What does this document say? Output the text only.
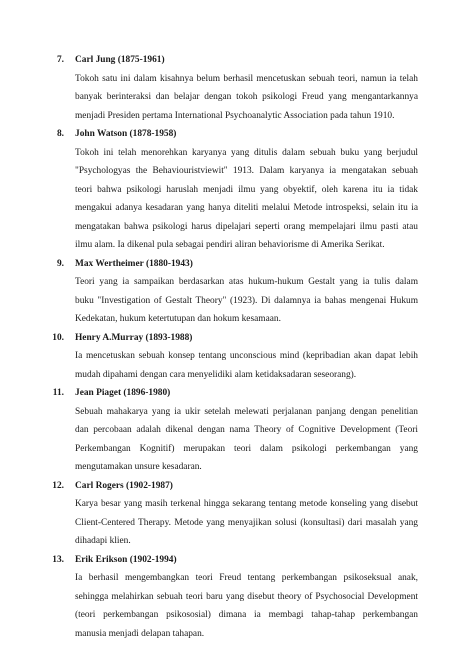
7. Carl Jung (1875-1961)
Tokoh satu ini dalam kisahnya belum berhasil mencetuskan sebuah teori, namun ia telah
banyak berinteraksi dan belajar dengan tokoh psikologi Freud yang mengantarkannya
menjadi Presiden pertama International Psychoanalytic Association pada tahun 1910.
8. John Watson (1878-1958)
Tokoh ini telah menorehkan karyanya yang ditulis dalam sebuah buku yang berjudul
"Psychologyas the Behaviouristviewit" 1913. Dalam karyanya ia mengatakan sebuah
teori bahwa psikologi haruslah menjadi ilmu yang obyektif, oleh karena itu ia tidak
mengakui adanya kesadaran yang hanya diteliti melalui Metode introspeksi, selain itu ia
mengatakan bahwa psikologi harus dipelajari seperti orang mempelajari ilmu pasti atau
ilmu alam. Ia dikenal pula sebagai pendiri aliran behaviorisme di Amerika Serikat.
9. Max Wertheimer (1880-1943)
Teori yang ia sampaikan berdasarkan atas hukum-hukum Gestalt yang ia tulis dalam
buku "Investigation of Gestalt Theory" (1923). Di dalamnya ia bahas mengenai Hukum
Kedekatan, hukum ketertutupan dan hokum kesamaan.
10. Henry A.Murray (1893-1988)
Ia mencetuskan sebuah konsep tentang unconscious mind (kepribadian akan dapat lebih
mudah dipahami dengan cara menyelidiki alam ketidaksadaran seseorang).
11. Jean Piaget (1896-1980)
Sebuah mahakarya yang ia ukir setelah melewati perjalanan panjang dengan penelitian
dan percobaan adalah dikenal dengan nama Theory of Cognitive Development (Teori
Perkembangan Kognitif) merupakan teori dalam psikologi perkembangan yang
mengutamakan unsure kesadaran.
12. Carl Rogers (1902-1987)
Karya besar yang masih terkenal hingga sekarang tentang metode konseling yang disebut
Client-Centered Therapy. Metode yang menyajikan solusi (konsultasi) dari masalah yang
dihadapi klien.
13. Erik Erikson (1902-1994)
Ia berhasil mengembangkan teori Freud tentang perkembangan psikoseksual anak,
sehingga melahirkan sebuah teori baru yang disebut theory of Psychosocial Development
(teori perkembangan psikososial) dimana ia membagi tahap-tahap perkembangan
manusia menjadi delapan tahapan.
